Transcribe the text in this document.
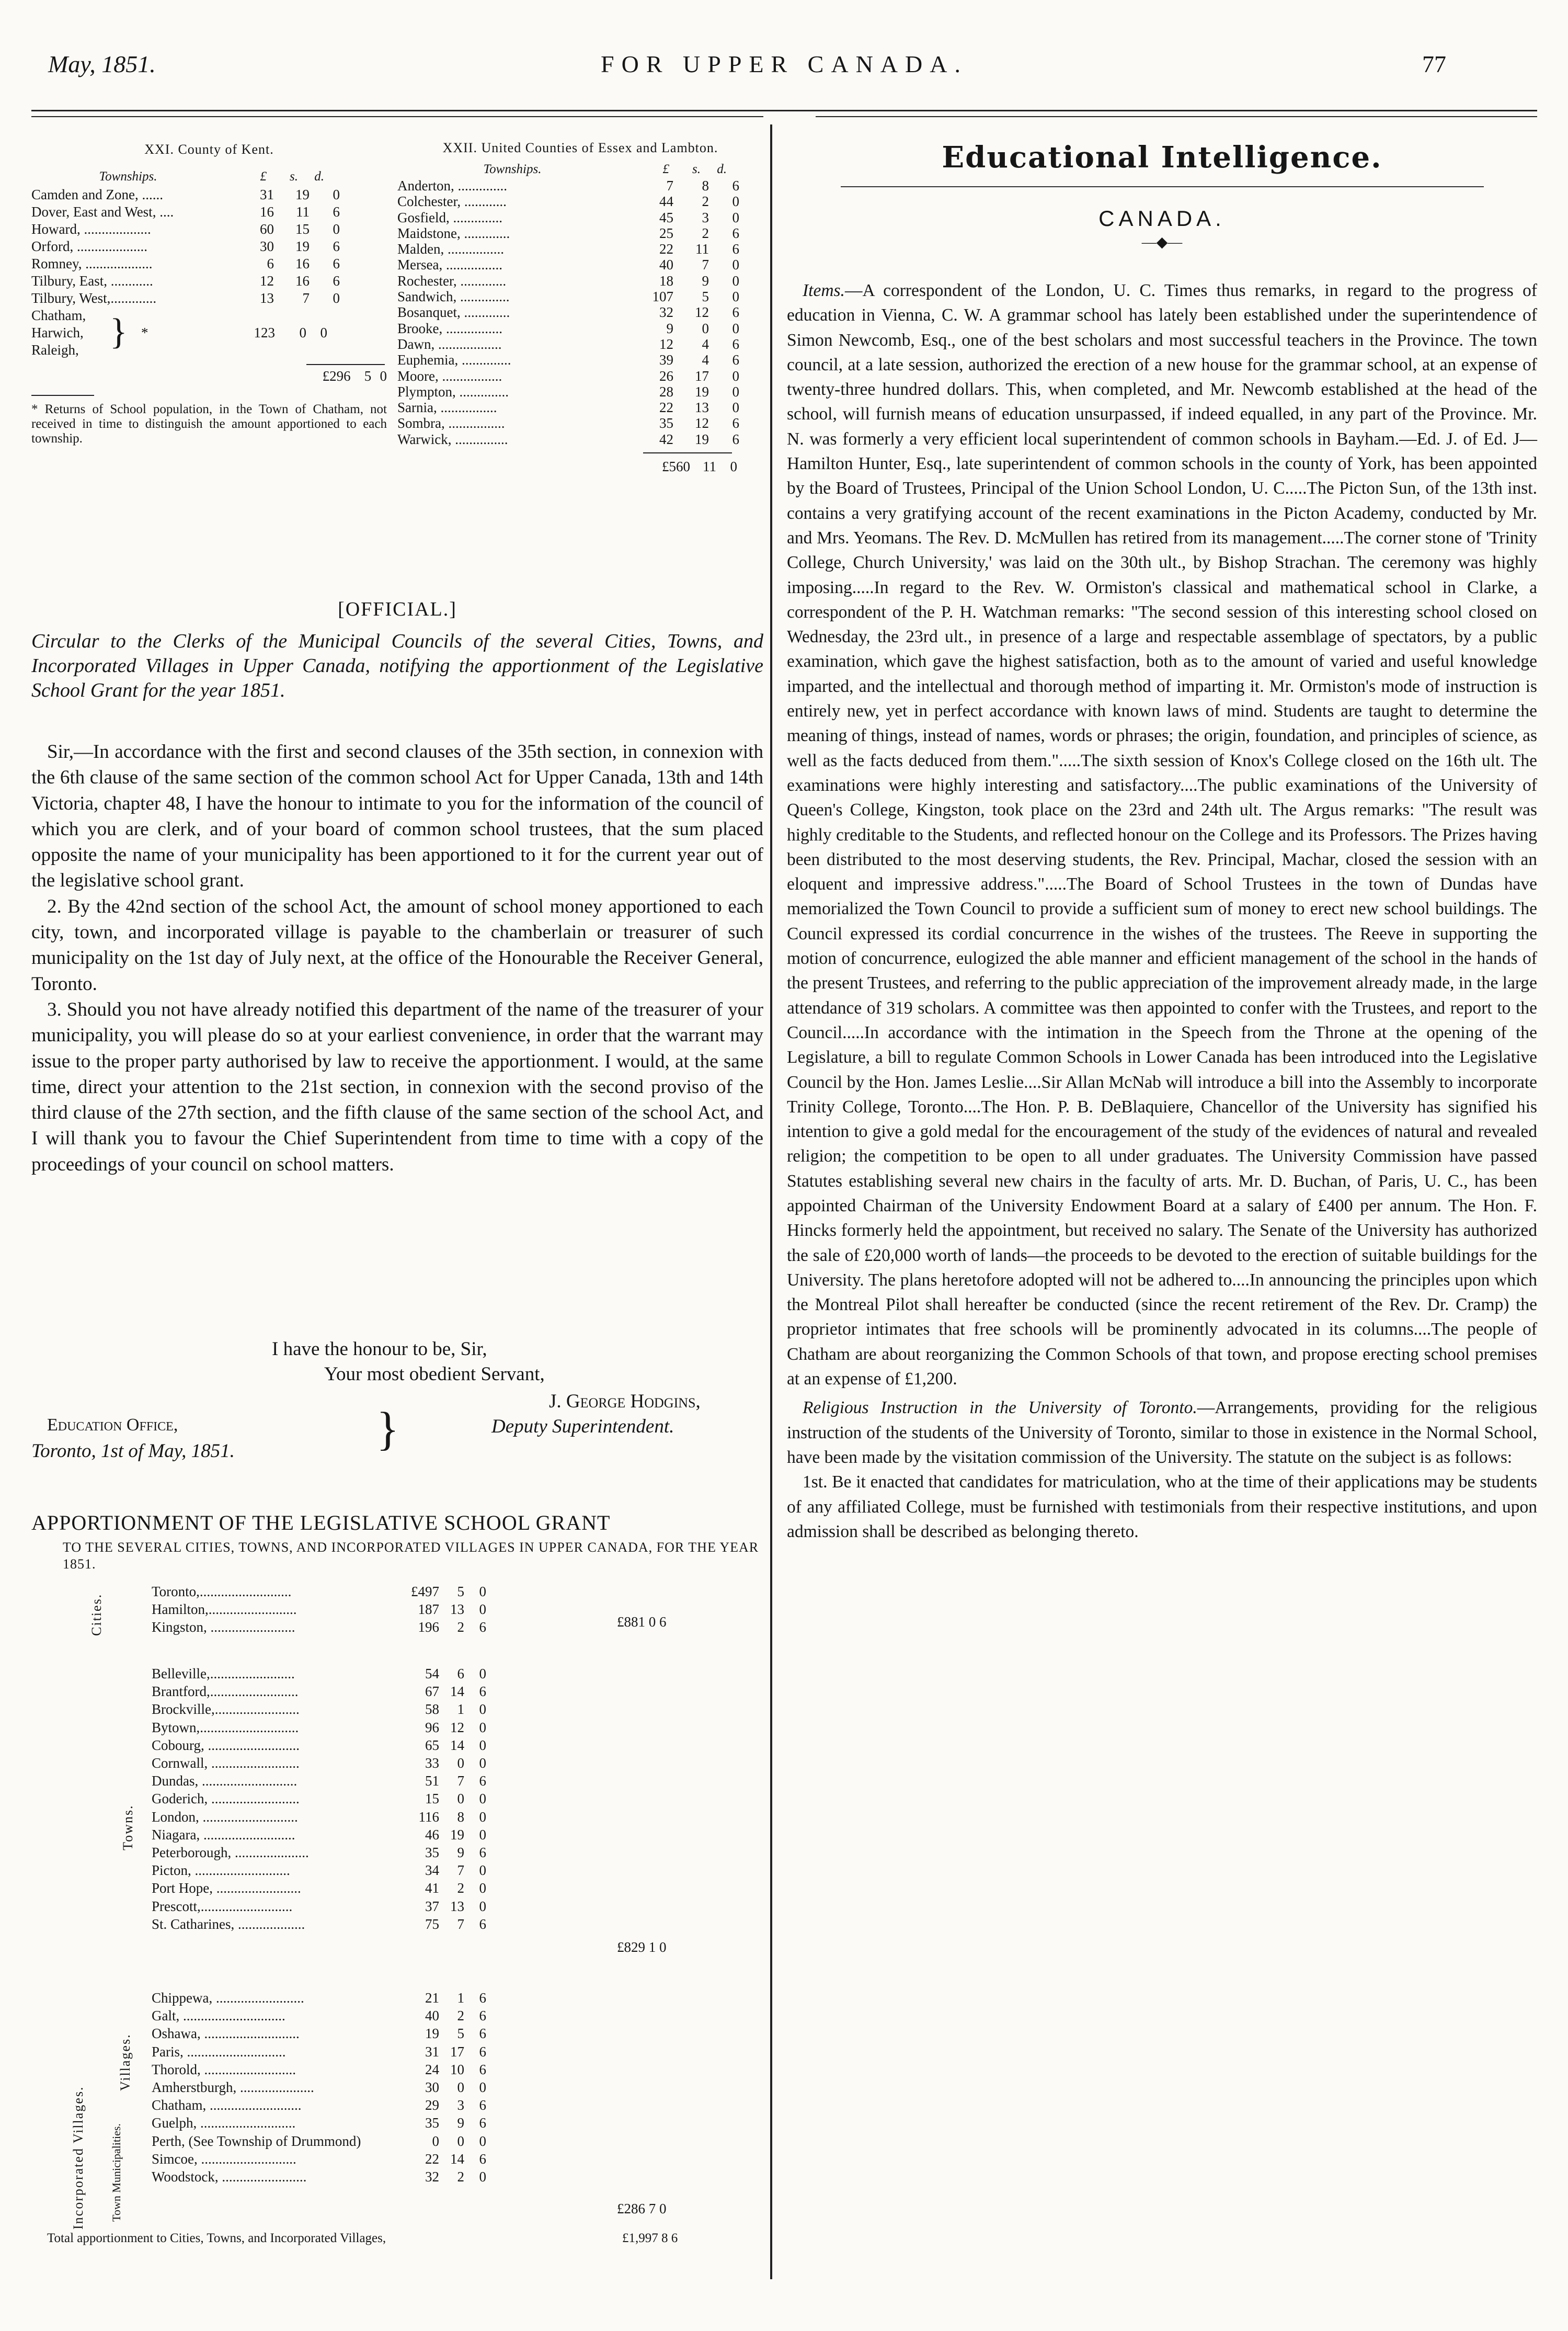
May, 1851.	FOR UPPER CANADA.	77
XXI. County of Kent.
Townships.	£	s.	d.
Camden and Zone, ......	31	19	0
Dover, East and West, ....	16	11	6
Howard, ...................	60	15	0
Orford, ....................	30	19	6
Romney, ...................	6	16	6
Tilbury, East, ............	12	16	6
Tilbury, West,.............	13	7	0
Chatham,
Harwich,
Raleigh, } *	123	0 0
£296 5 0
* Returns of School population, in the Town of Chatham, not received in time to distinguish the amount apportioned to each township.
XXII. United Counties of Essex and Lambton.
Townships.	£	s.	d.
Anderton, ..............	7	8	6
Colchester, ............	44	2	0
Gosfield, ..............	45	3	0
Maidstone, .............	25	2	6
Malden, ................	22	11	6
Mersea, ................	40	7	0
Rochester, .............	18	9	0
Sandwich, ..............	107	5	0
Bosanquet, .............	32	12	6
Brooke, ................	9	0	0
Dawn, ..................	12	4	6
Euphemia, ..............	39	4	6
Moore, .................	26	17	0
Plympton, ..............	28	19	0
Sarnia, ................	22	13	0
Sombra, ................	35	12	6
Warwick, ...............	42	19	6
£560 11 0
[OFFICIAL.]
Circular to the Clerks of the Municipal Councils of the several Cities, Towns, and Incorporated Villages in Upper Canada, notifying the apportionment of the Legislative School Grant for the year 1851.

Sir,—In accordance with the first and second clauses of the 35th section, in connexion with the 6th clause of the same section of the common school Act for Upper Canada, 13th and 14th Victoria, chapter 48, I have the honour to intimate to you for the information of the council of which you are clerk, and of your board of common school trustees, that the sum placed opposite the name of your municipality has been apportioned to it for the current year out of the legislative school grant.

2. By the 42nd section of the school Act, the amount of school money apportioned to each city, town, and incorporated village is payable to the chamberlain or treasurer of such municipality on the 1st day of July next, at the office of the Honourable the Receiver General, Toronto.

3. Should you not have already notified this department of the name of the treasurer of your municipality, you will please do so at your earliest convenience, in order that the warrant may issue to the proper party authorised by law to receive the apportionment. I would, at the same time, direct your attention to the 21st section, in connexion with the second proviso of the third clause of the 27th section, and the fifth clause of the same section of the school Act, and I will thank you to favour the Chief Superintendent from time to time with a copy of the proceedings of your council on school matters.

I have the honour to be, Sir,
Your most obedient Servant,
J. George Hodgins,
Deputy Superintendent.
Education Office,
Toronto, 1st of May, 1851.	}
APPORTIONMENT OF THE LEGISLATIVE SCHOOL GRANT
TO THE SEVERAL CITIES, TOWNS, AND INCORPORATED VILLAGES IN UPPER CANADA, FOR THE YEAR 1851.
Cities.
Towns.
Incorporated Villages.
Villages.
Town Municipalities.
Toronto,..........................	£497	5	0
Hamilton,.........................	187 13	0
Kingston, ........................	196	2	6	£881 0 6
Belleville,........................	54	6	0
Brantford,.........................	67 14	6
Brockville,........................	58	1	0
Bytown,............................	96 12	0
Cobourg, ..........................	65 14	0
Cornwall, .........................	33	0	0
Dundas, ...........................	51	7	6
Goderich, .........................	15	0	0
London, ...........................	116	8	0
Niagara, ..........................	46 19	0
Peterborough, .....................	35	9	6
Picton, ...........................	34	7	0
Port Hope, ........................	41	2	0
Prescott,..........................	37 13	0
St. Catharines, ...................	75	7	6
£829 1 0
Chippewa, .........................	21	1	6
Galt, .............................	40	2	6
Oshawa, ...........................	19	5	6
Paris, ............................	31 17	6
Thorold, ..........................	24 10	6
Amherstburgh, .....................	30	0	0
Chatham, ..........................	29	3	6
Guelph, ...........................	35	9	6
Perth, (See Township of Drummond)	0	0	0
Simcoe, ...........................	22 14	6
Woodstock, ........................	32	2	0
£286 7 0
Total apportionment to Cities, Towns, and Incorporated Villages,	£1,997 8 6
Educational Intelligence.
CANADA.
—◆—

Items.—A correspondent of the London, U. C. Times thus remarks, in regard to the progress of education in Vienna, C. W. A grammar school has lately been established under the superintendence of Simon Newcomb, Esq., one of the best scholars and most successful teachers in the Province. The town council, at a late session, authorized the erection of a new house for the grammar school, at an expense of twenty-three hundred dollars. This, when completed, and Mr. Newcomb established at the head of the school, will furnish means of education unsurpassed, if indeed equalled, in any part of the Province. Mr. N. was formerly a very efficient local superintendent of common schools in Bayham.—Ed. J. of Ed. J—Hamilton Hunter, Esq., late superintendent of common schools in the county of York, has been appointed by the Board of Trustees, Principal of the Union School London, U. C.....The Picton Sun, of the 13th inst. contains a very gratifying account of the recent examinations in the Picton Academy, conducted by Mr. and Mrs. Yeomans. The Rev. D. McMullen has retired from its management.....The corner stone of 'Trinity College, Church University,' was laid on the 30th ult., by Bishop Strachan. The ceremony was highly imposing.....In regard to the Rev. W. Ormiston's classical and mathematical school in Clarke, a correspondent of the P. H. Watchman remarks: "The second session of this interesting school closed on Wednesday, the 23rd ult., in presence of a large and respectable assemblage of spectators, by a public examination, which gave the highest satisfaction, both as to the amount of varied and useful knowledge imparted, and the intellectual and thorough method of imparting it. Mr. Ormiston's mode of instruction is entirely new, yet in perfect accordance with known laws of mind. Students are taught to determine the meaning of things, instead of names, words or phrases; the origin, foundation, and principles of science, as well as the facts deduced from them.".....The sixth session of Knox's College closed on the 16th ult. The examinations were highly interesting and satisfactory....The public examinations of the University of Queen's College, Kingston, took place on the 23rd and 24th ult. The Argus remarks: "The result was highly creditable to the Students, and reflected honour on the College and its Professors. The Prizes having been distributed to the most deserving students, the Rev. Principal, Machar, closed the session with an eloquent and impressive address.".....The Board of School Trustees in the town of Dundas have memorialized the Town Council to provide a sufficient sum of money to erect new school buildings. The Council expressed its cordial concurrence in the wishes of the trustees. The Reeve in supporting the motion of concurrence, eulogized the able manner and efficient management of the school in the hands of the present Trustees, and referring to the public appreciation of the improvement already made, in the large attendance of 319 scholars. A committee was then appointed to confer with the Trustees, and report to the Council.....In accordance with the intimation in the Speech from the Throne at the opening of the Legislature, a bill to regulate Common Schools in Lower Canada has been introduced into the Legislative Council by the Hon. James Leslie....Sir Allan McNab will introduce a bill into the Assembly to incorporate Trinity College, Toronto....The Hon. P. B. DeBlaquiere, Chancellor of the University has signified his intention to give a gold medal for the encouragement of the study of the evidences of natural and revealed religion; the competition to be open to all under graduates. The University Commission have passed Statutes establishing several new chairs in the faculty of arts. Mr. D. Buchan, of Paris, U. C., has been appointed Chairman of the University Endowment Board at a salary of £400 per annum. The Hon. F. Hincks formerly held the appointment, but received no salary. The Senate of the University has authorized the sale of £20,000 worth of lands—the proceeds to be devoted to the erection of suitable buildings for the University. The plans heretofore adopted will not be adhered to....In announcing the principles upon which the Montreal Pilot shall hereafter be conducted (since the recent retirement of the Rev. Dr. Cramp) the proprietor intimates that free schools will be prominently advocated in its columns....The people of Chatham are about reorganizing the Common Schools of that town, and propose erecting school premises at an expense of £1,200.

Religious Instruction in the University of Toronto.—Arrangements, providing for the religious instruction of the students of the University of Toronto, similar to those in existence in the Normal School, have been made by the visitation commission of the University. The statute on the subject is as follows:

1st. Be it enacted that candidates for matriculation, who at the time of their applications may be students of any affiliated College, must be furnished with testimonials from their respective institutions, and upon admission shall be described as belonging thereto.
